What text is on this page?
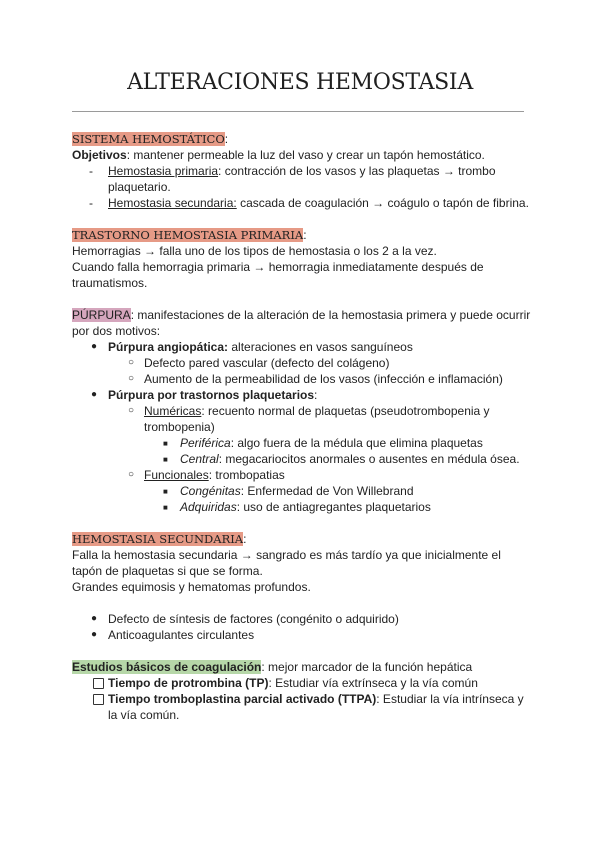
ALTERACIONES HEMOSTASIA

SISTEMA HEMOSTÁTICO:

Objetivos: mantener permeable la luz del vaso y crear un tapón hemostático.

- Hemostasia primaria: contracción de los vasos y las plaquetas → trombo plaquetario.

- Hemostasia secundaria: cascada de coagulación → coágulo o tapón de fibrina.

TRASTORNO HEMOSTASIA PRIMARIA:

Hemorragias → falla uno de los tipos de hemostasia o los 2 a la vez.

Cuando falla hemorragia primaria → hemorragia inmediatamente después de traumatismos.

PÚRPURA: manifestaciones de la alteración de la hemostasia primera y puede ocurrir por dos motivos:

● Púrpura angiopática: alteraciones en vasos sanguíneos

○ Defecto pared vascular (defecto del colágeno)

○ Aumento de la permeabilidad de los vasos (infección e inflamación)

● Púrpura por trastornos plaquetarios:

○ Numéricas: recuento normal de plaquetas (pseudotrombopenia y trombopenia)

■ Periférica: algo fuera de la médula que elimina plaquetas

■ Central: megacariocitos anormales o ausentes en médula ósea.

○ Funcionales: trombopatias

■ Congénitas: Enfermedad de Von Willebrand

■ Adquiridas: uso de antiagregantes plaquetarios

HEMOSTASIA SECUNDARIA:

Falla la hemostasia secundaria → sangrado es más tardío ya que inicialmente el tapón de plaquetas si que se forma.

Grandes equimosis y hematomas profundos.

● Defecto de síntesis de factores (congénito o adquirido)

● Anticoagulantes circulantes

Estudios básicos de coagulación: mejor marcador de la función hepática

Tiempo de protrombina (TP): Estudiar vía extrínseca y la vía común

Tiempo tromboplastina parcial activado (TTPA): Estudiar la vía intrínseca y la vía común.
